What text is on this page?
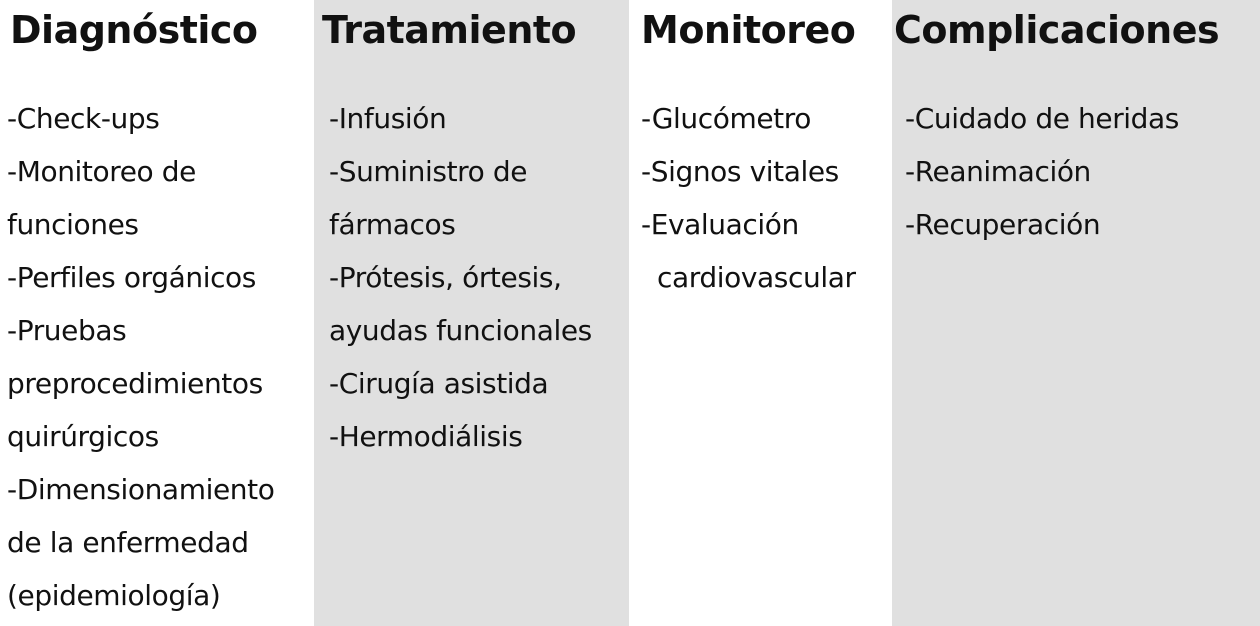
Diagnóstico
-Check-ups
-Monitoreo de funciones
-Perfiles orgánicos
-Pruebas preprocedimientos quirúrgicos
-Dimensionamiento de la enfermedad (epidemiología)
Tratamiento
-Infusión
-Suministro de fármacos
-Prótesis, órtesis, ayudas funcionales
-Cirugía asistida
-Hermodiálisis
Monitoreo
-Glucómetro
-Signos vitales
-Evaluación cardiovascular
Complicaciones
-Cuidado de heridas
-Reanimación
-Recuperación
